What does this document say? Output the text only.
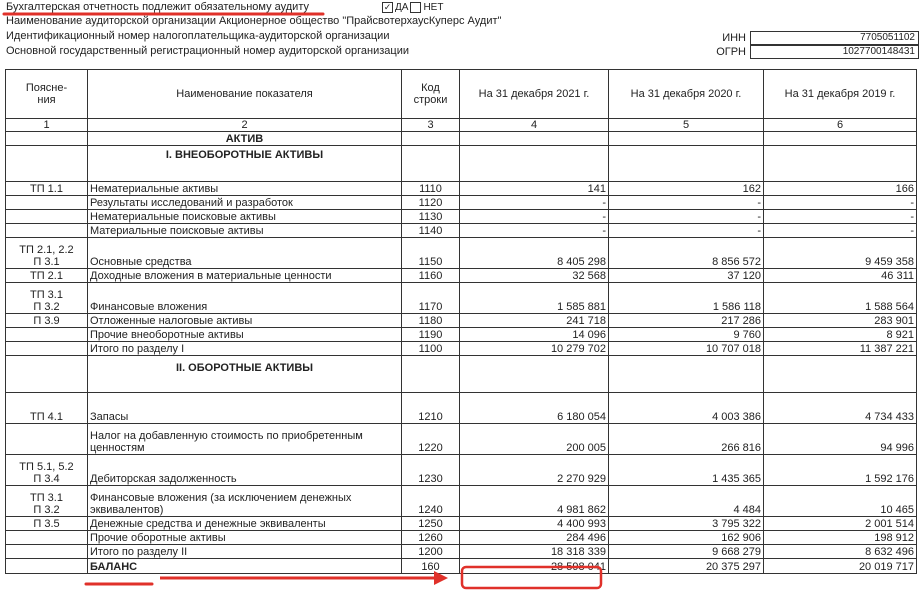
Бухгалтерская отчетность подлежит обязательному аудиту	✓ ДА НЕТ
Наименование аудиторской организации Акционерное общество "ПрайсвотерхаусКуперс Аудит"
Идентификационный номер налогоплательщика-аудиторской организации
Основной государственный регистрационный номер аудиторской организации
ИНН	7705051102
ОГРН	1027700148431
Поясне-
ния	Наименование показателя	Код
строки	На 31 декабря 2021 г.	На 31 декабря 2020 г.	На 31 декабря 2019 г.
1	2	3	4	5	6
	АКТИВ				
	I. ВНЕОБОРОТНЫЕ АКТИВЫ				
ТП 1.1	Нематериальные активы	1110	141	162	166
	Результаты исследований и разработок	1120	-	-	-
	Нематериальные поисковые активы	1130	-	-	-
	Материальные поисковые активы	1140	-	-	-
ТП 2.1, 2.2
П 3.1	Основные средства	1150	8 405 298	8 856 572	9 459 358
ТП 2.1	Доходные вложения в материальные ценности	1160	32 568	37 120	46 311
ТП 3.1
П 3.2	Финансовые вложения	1170	1 585 881	1 586 118	1 588 564
П 3.9	Отложенные налоговые активы	1180	241 718	217 286	283 901
	Прочие внеоборотные активы	1190	14 096	9 760	8 921
	Итого по разделу I	1100	10 279 702	10 707 018	11 387 221
	II. ОБОРОТНЫЕ АКТИВЫ				
ТП 4.1	Запасы	1210	6 180 054	4 003 386	4 734 433
	Налог на добавленную стоимость по приобретенным ценностям	1220	200 005	266 816	94 996
ТП 5.1, 5.2
П 3.4	Дебиторская задолженность	1230	2 270 929	1 435 365	1 592 176
ТП 3.1
П 3.2	Финансовые вложения (за исключением денежных эквивалентов)	1240	4 981 862	4 484	10 465
П 3.5	Денежные средства и денежные эквиваленты	1250	4 400 993	3 795 322	2 001 514
	Прочие оборотные активы	1260	284 496	162 906	198 912
	Итого по разделу II	1200	18 318 339	9 668 279	8 632 496
	БАЛАНС	160	28 598 041	20 375 297	20 019 717
